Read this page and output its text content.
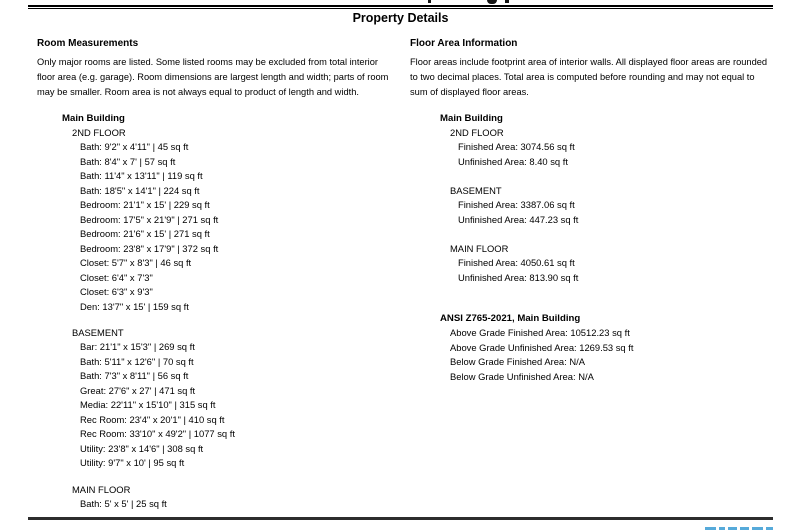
Property Details
Room Measurements
Only major rooms are listed. Some listed rooms may be excluded from total interior floor area (e.g. garage). Room dimensions are largest length and width; parts of room may be smaller. Room area is not always equal to product of length and width.
Main Building
2ND FLOOR
Bath: 9'2" x 4'11" | 45 sq ft
Bath: 8'4" x 7' | 57 sq ft
Bath: 11'4" x 13'11" | 119 sq ft
Bath: 18'5" x 14'1" | 224 sq ft
Bedroom: 21'1" x 15' | 229 sq ft
Bedroom: 17'5" x 21'9" | 271 sq ft
Bedroom: 21'6" x 15' | 271 sq ft
Bedroom: 23'8" x 17'9" | 372 sq ft
Closet: 5'7" x 8'3" | 46 sq ft
Closet: 6'4" x 7'3"
Closet: 6'3" x 9'3"
Den: 13'7" x 15' | 159 sq ft
BASEMENT
Bar: 21'1" x 15'3" | 269 sq ft
Bath: 5'11" x 12'6" | 70 sq ft
Bath: 7'3" x 8'11" | 56 sq ft
Great: 27'6" x 27' | 471 sq ft
Media: 22'11" x 15'10" | 315 sq ft
Rec Room: 23'4" x 20'1" | 410 sq ft
Rec Room: 33'10" x 49'2" | 1077 sq ft
Utility: 23'8" x 14'6" | 308 sq ft
Utility: 9'7" x 10' | 95 sq ft
MAIN FLOOR
Bath: 5' x 5' | 25 sq ft
Floor Area Information
Floor areas include footprint area of interior walls. All displayed floor areas are rounded to two decimal places. Total area is computed before rounding and may not equal to sum of displayed floor areas.
Main Building
2ND FLOOR
Finished Area: 3074.56 sq ft
Unfinished Area: 8.40 sq ft
BASEMENT
Finished Area: 3387.06 sq ft
Unfinished Area: 447.23 sq ft
MAIN FLOOR
Finished Area: 4050.61 sq ft
Unfinished Area: 813.90 sq ft
ANSI Z765-2021, Main Building
Above Grade Finished Area: 10512.23 sq ft
Above Grade Unfinished Area: 1269.53 sq ft
Below Grade Finished Area: N/A
Below Grade Unfinished Area: N/A
